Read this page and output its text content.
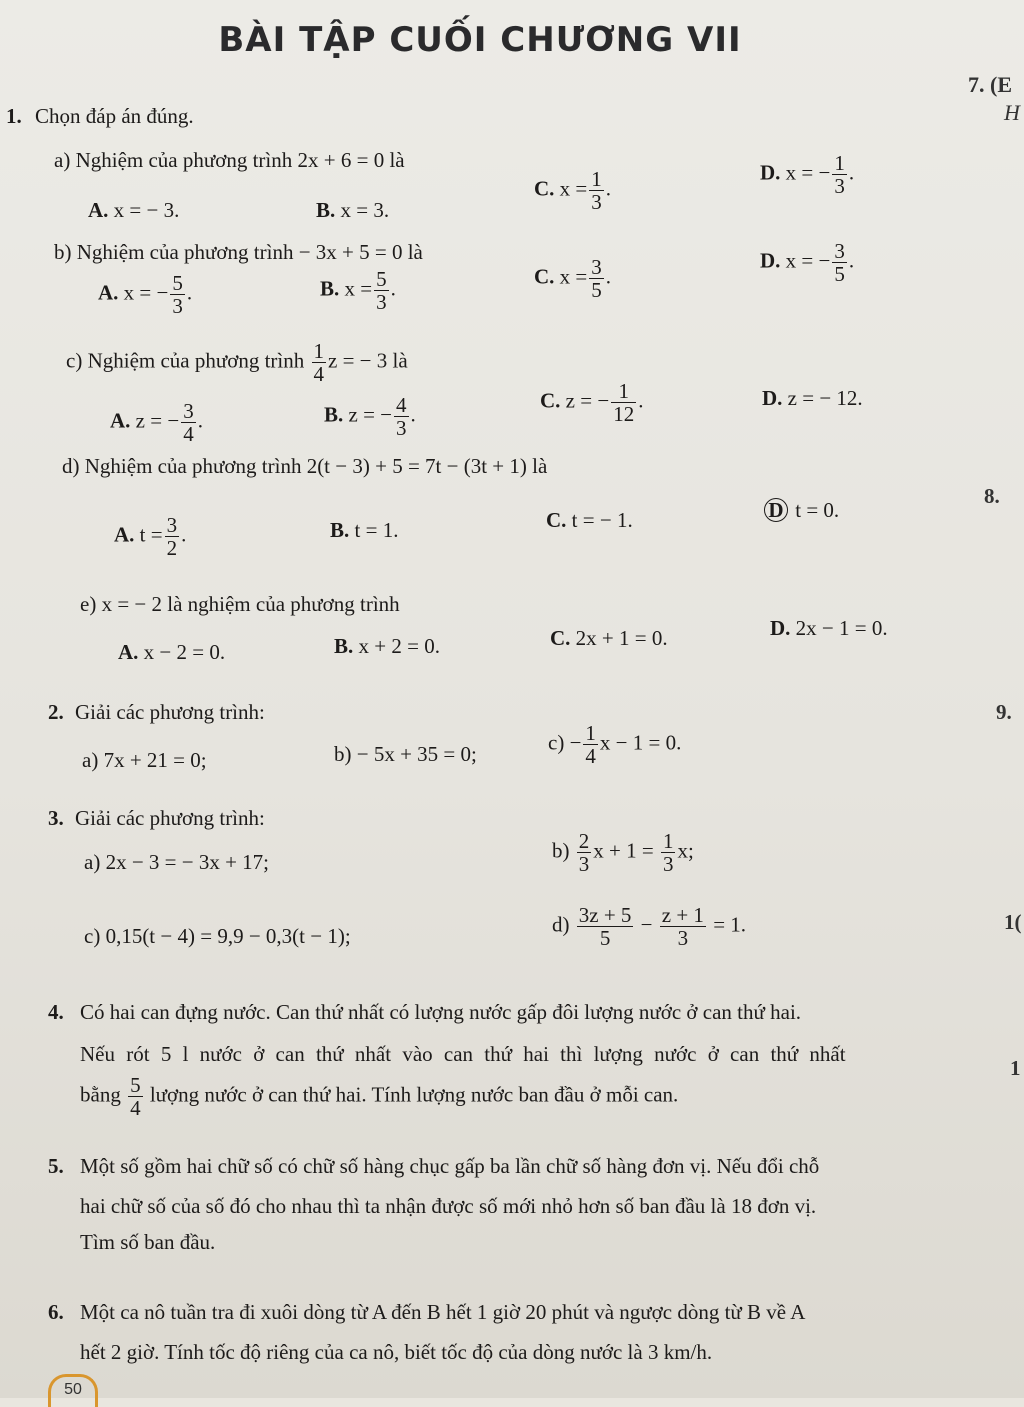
BÀI TẬP CUỐI CHƯƠNG VII
7. (E
H
8.
9.
1(
1
1. Chọn đáp án đúng.
a) Nghiệm của phương trình 2x + 6 = 0 là
A. x = − 3.	B. x = 3.
C. $x = \frac{1}{3}$ .
D. x = − $\frac{1}{3}$ .
b) Nghiệm của phương trình − 3x + 5 = 0 là
A. x = − $\frac{5}{3}$ .	B. $x = \frac{5}{3}$ .	C. $x = \frac{3}{5}$ .
D. x = − $\frac{3}{5}$ .
c) Nghiệm của phương trình $\frac{1}{4}$ z = − 3 là
A. z = − $\frac{3}{4}$ .	B. z = − $\frac{4}{3}$ .
C. z = − $\frac{1}{12}$ .	D. z = − 12.
d) Nghiệm của phương trình 2(t − 3) + 5 = 7t − (3t + 1) là
A. $t = \frac{3}{2}$ .	B. t = 1.	C. t = − 1.	D t = 0.
e) x = − 2 là nghiệm của phương trình
A. x − 2 = 0.	B. x + 2 = 0.	C. 2x + 1 = 0.	D. 2x − 1 = 0.
2. Giải các phương trình:
a) 7x + 21 = 0;	b) − 5x + 35 = 0;	$c) - \frac{1}{4}$ x − 1 = 0.
3. Giải các phương trình:
a) 2x − 3 = − 3x + 17;	$b) \frac{2}{3}$ $x + 1 = \frac{1}{3} x$;
c) 0,15(t − 4) = 9,9 − 0,3(t − 1);	$d) \frac{3z + 5}{5} - \frac{z + 1}{3} = 1$.
4. Có hai can đựng nước. Can thứ nhất có lượng nước gấp đôi lượng nước ở can thứ hai.
Nếu rót 5 l nước ở can thứ nhất vào can thứ hai thì lượng nước ở can thứ nhất
bằng $\frac{5}{4}$ lượng nước ở can thứ hai. Tính lượng nước ban đầu ở mỗi can.
5. Một số gồm hai chữ số có chữ số hàng chục gấp ba lần chữ số hàng đơn vị. Nếu đổi chỗ
hai chữ số của số đó cho nhau thì ta nhận được số mới nhỏ hơn số ban đầu là 18 đơn vị.
Tìm số ban đầu.
6. Một ca nô tuần tra đi xuôi dòng từ A đến B hết 1 giờ 20 phút và ngược dòng từ B về A
hết 2 giờ. Tính tốc độ riêng của ca nô, biết tốc độ của dòng nước là 3 km/h.
50
